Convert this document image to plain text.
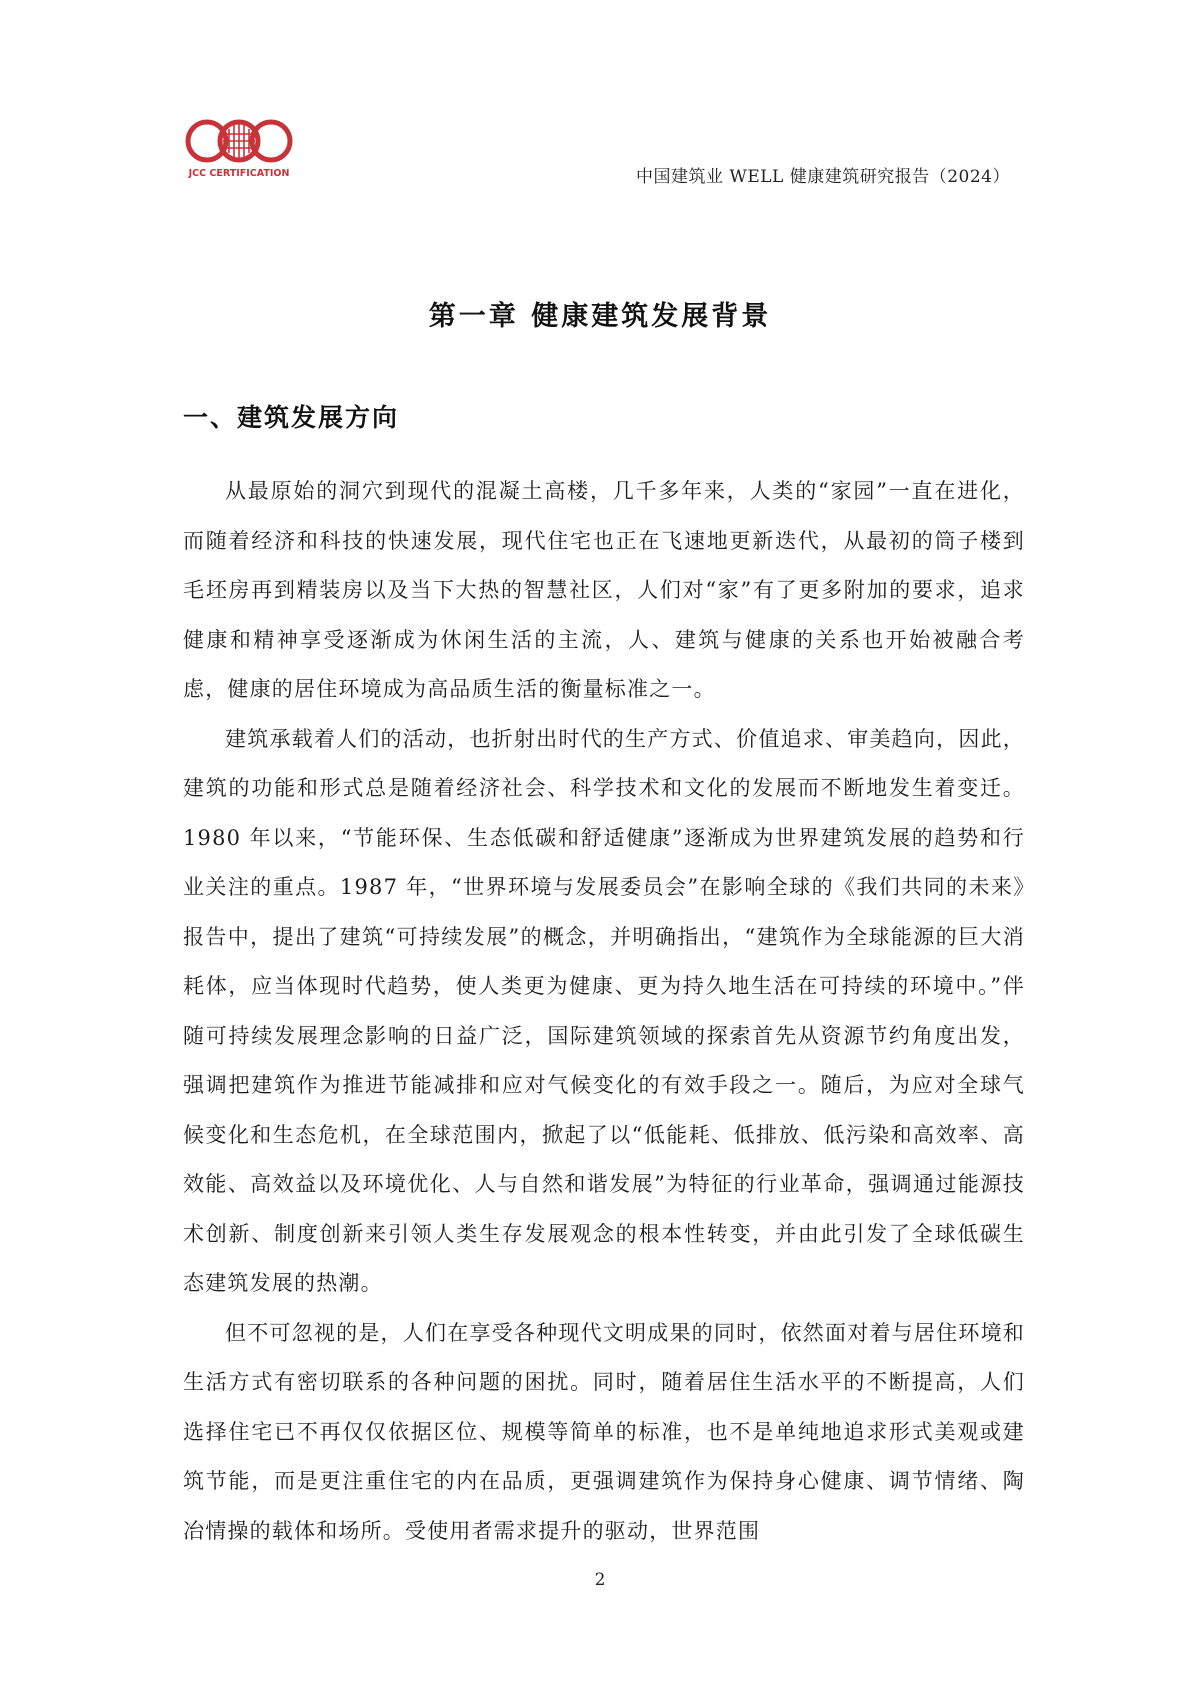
JCC CERTIFICATION	中国建筑业 WELL 健康建筑研究报告（2024）
第一章 健康建筑发展背景
一、建筑发展方向

从最原始的洞穴到现代的混凝土高楼，几千多年来，人类的“家园”一直在进化，而随着经济和科技的快速发展，现代住宅也正在飞速地更新迭代，从最初的筒子楼到毛坯房再到精装房以及当下大热的智慧社区，人们对“家”有了更多附加的要求，追求健康和精神享受逐渐成为休闲生活的主流，人、建筑与健康的关系也开始被融合考虑，健康的居住环境成为高品质生活的衡量标准之一。

建筑承载着人们的活动，也折射出时代的生产方式、价值追求、审美趋向，因此，建筑的功能和形式总是随着经济社会、科学技术和文化的发展而不断地发生着变迁。1980 年以来，“节能环保、生态低碳和舒适健康”逐渐成为世界建筑发展的趋势和行业关注的重点。1987 年，“世界环境与发展委员会”在影响全球的《我们共同的未来》报告中，提出了建筑“可持续发展”的概念，并明确指出，“建筑作为全球能源的巨大消耗体，应当体现时代趋势，使人类更为健康、更为持久地生活在可持续的环境中。”伴随可持续发展理念影响的日益广泛，国际建筑领域的探索首先从资源节约角度出发，强调把建筑作为推进节能减排和应对气候变化的有效手段之一。随后，为应对全球气候变化和生态危机，在全球范围内，掀起了以“低能耗、低排放、低污染和高效率、高效能、高效益以及环境优化、人与自然和谐发展”为特征的行业革命，强调通过能源技术创新、制度创新来引领人类生存发展观念的根本性转变，并由此引发了全球低碳生态建筑发展的热潮。

但不可忽视的是，人们在享受各种现代文明成果的同时，依然面对着与居住环境和生活方式有密切联系的各种问题的困扰。同时，随着居住生活水平的不断提高，人们选择住宅已不再仅仅依据区位、规模等简单的标准，也不是单纯地追求形式美观或建筑节能，而是更注重住宅的内在品质，更强调建筑作为保持身心健康、调节情绪、陶冶情操的载体和场所。受使用者需求提升的驱动，世界范围

2
